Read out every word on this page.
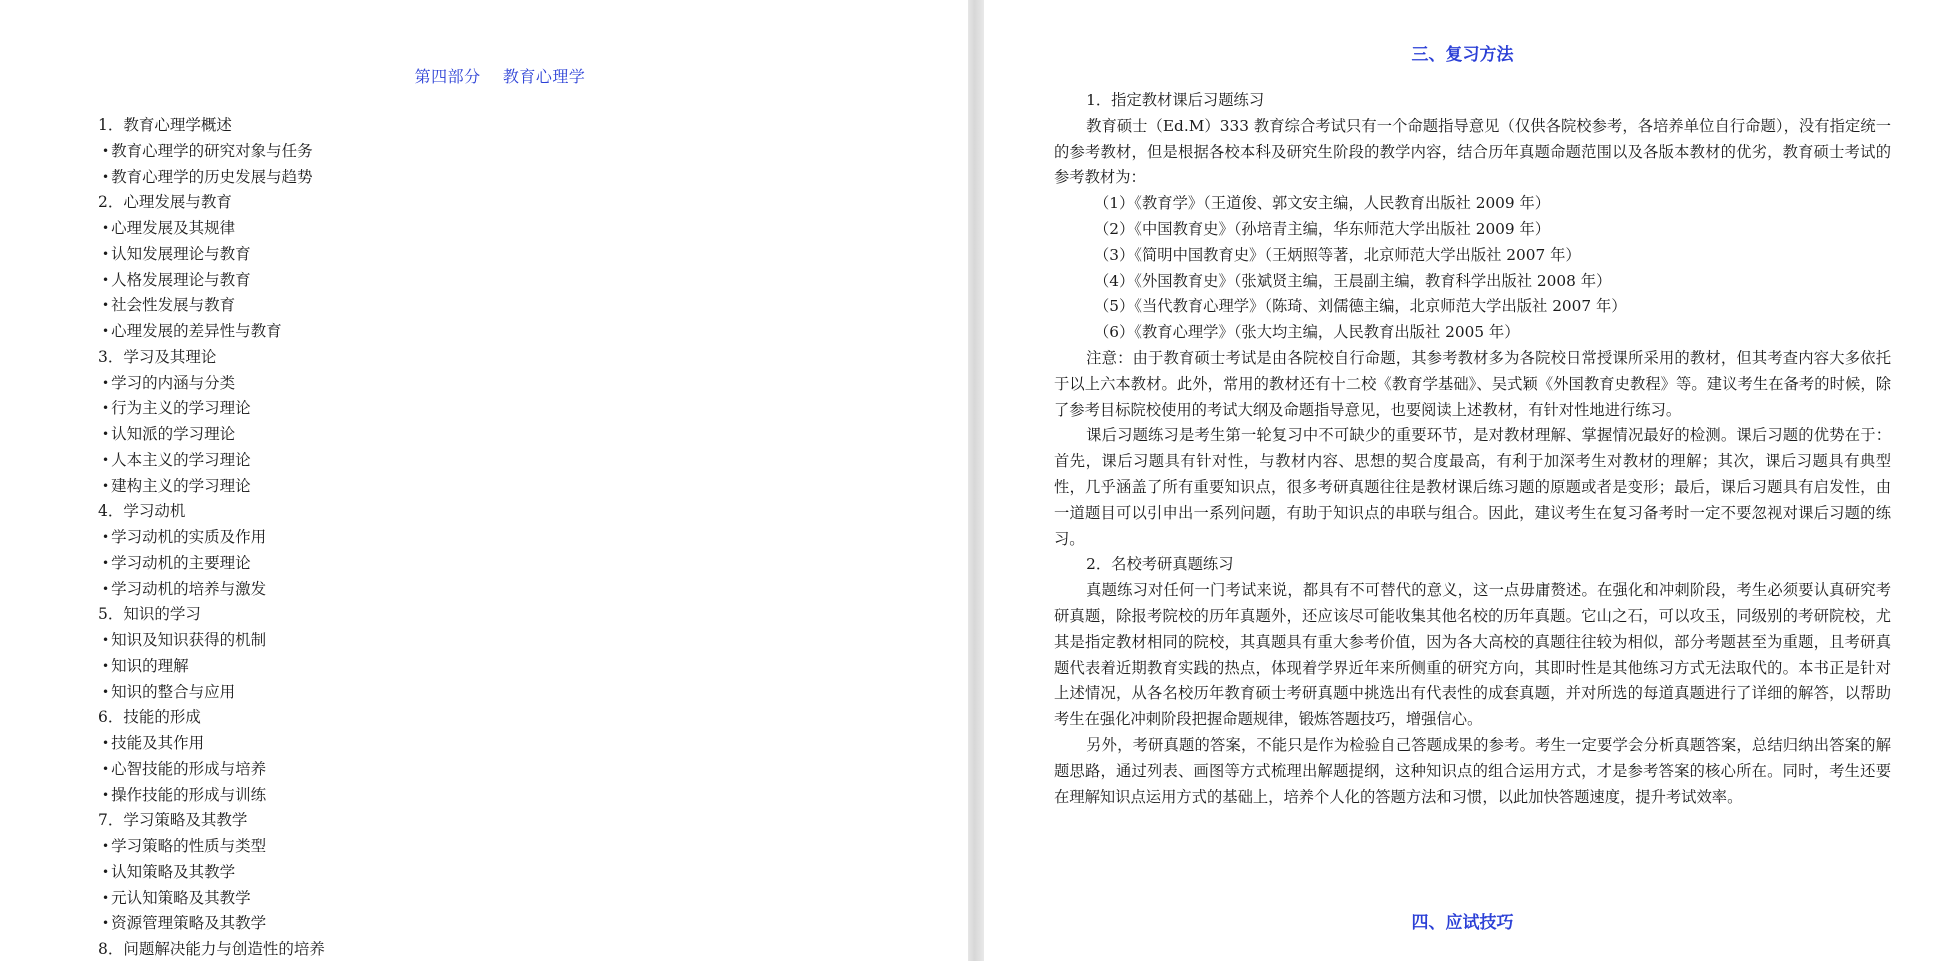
第四部分    教育心理学
1．教育心理学概述
• 教育心理学的研究对象与任务
• 教育心理学的历史发展与趋势
2．心理发展与教育
• 心理发展及其规律
• 认知发展理论与教育
• 人格发展理论与教育
• 社会性发展与教育
• 心理发展的差异性与教育
3．学习及其理论
• 学习的内涵与分类
• 行为主义的学习理论
• 认知派的学习理论
• 人本主义的学习理论
• 建构主义的学习理论
4．学习动机
• 学习动机的实质及作用
• 学习动机的主要理论
• 学习动机的培养与激发
5．知识的学习
• 知识及知识获得的机制
• 知识的理解
• 知识的整合与应用
6．技能的形成
• 技能及其作用
• 心智技能的形成与培养
• 操作技能的形成与训练
7．学习策略及其教学
• 学习策略的性质与类型
• 认知策略及其教学
• 元认知策略及其教学
• 资源管理策略及其教学
8．问题解决能力与创造性的培养
三、复习方法

1．指定教材课后习题练习

教育硕士（Ed.M）333 教育综合考试只有一个命题指导意见（仅供各院校参考，各培养单位自行命题），没有指定统一的参考教材，但是根据各校本科及研究生阶段的教学内容，结合历年真题命题范围以及各版本教材的优劣，教育硕士考试的参考教材为：

（1）《教育学》（王道俊、郭文安主编，人民教育出版社 2009 年）

（2）《中国教育史》（孙培青主编，华东师范大学出版社 2009 年）

（3）《简明中国教育史》（王炳照等著，北京师范大学出版社 2007 年）

（4）《外国教育史》（张斌贤主编，王晨副主编，教育科学出版社 2008 年）

（5）《当代教育心理学》（陈琦、刘儒德主编，北京师范大学出版社 2007 年）

（6）《教育心理学》（张大均主编，人民教育出版社 2005 年）

注意：由于教育硕士考试是由各院校自行命题，其参考教材多为各院校日常授课所采用的教材，但其考查内容大多依托于以上六本教材。此外，常用的教材还有十二校《教育学基础》、吴式颖《外国教育史教程》等。建议考生在备考的时候，除了参考目标院校使用的考试大纲及命题指导意见，也要阅读上述教材，有针对性地进行练习。

课后习题练习是考生第一轮复习中不可缺少的重要环节，是对教材理解、掌握情况最好的检测。课后习题的优势在于：首先，课后习题具有针对性，与教材内容、思想的契合度最高，有利于加深考生对教材的理解；其次，课后习题具有典型性，几乎涵盖了所有重要知识点，很多考研真题往往是教材课后练习题的原题或者是变形；最后，课后习题具有启发性，由一道题目可以引申出一系列问题，有助于知识点的串联与组合。因此，建议考生在复习备考时一定不要忽视对课后习题的练习。

2．名校考研真题练习

真题练习对任何一门考试来说，都具有不可替代的意义，这一点毋庸赘述。在强化和冲刺阶段，考生必须要认真研究考研真题，除报考院校的历年真题外，还应该尽可能收集其他名校的历年真题。它山之石，可以攻玉，同级别的考研院校，尤其是指定教材相同的院校，其真题具有重大参考价值，因为各大高校的真题往往较为相似，部分考题甚至为重题，且考研真题代表着近期教育实践的热点，体现着学界近年来所侧重的研究方向，其即时性是其他练习方式无法取代的。本书正是针对上述情况，从各名校历年教育硕士考研真题中挑选出有代表性的成套真题，并对所选的每道真题进行了详细的解答，以帮助考生在强化冲刺阶段把握命题规律，锻炼答题技巧，增强信心。

另外，考研真题的答案，不能只是作为检验自己答题成果的参考。考生一定要学会分析真题答案，总结归纳出答案的解题思路，通过列表、画图等方式梳理出解题提纲，这种知识点的组合运用方式，才是参考答案的核心所在。同时，考生还要在理解知识点运用方式的基础上，培养个人化的答题方法和习惯，以此加快答题速度，提升考试效率。

四、应试技巧
